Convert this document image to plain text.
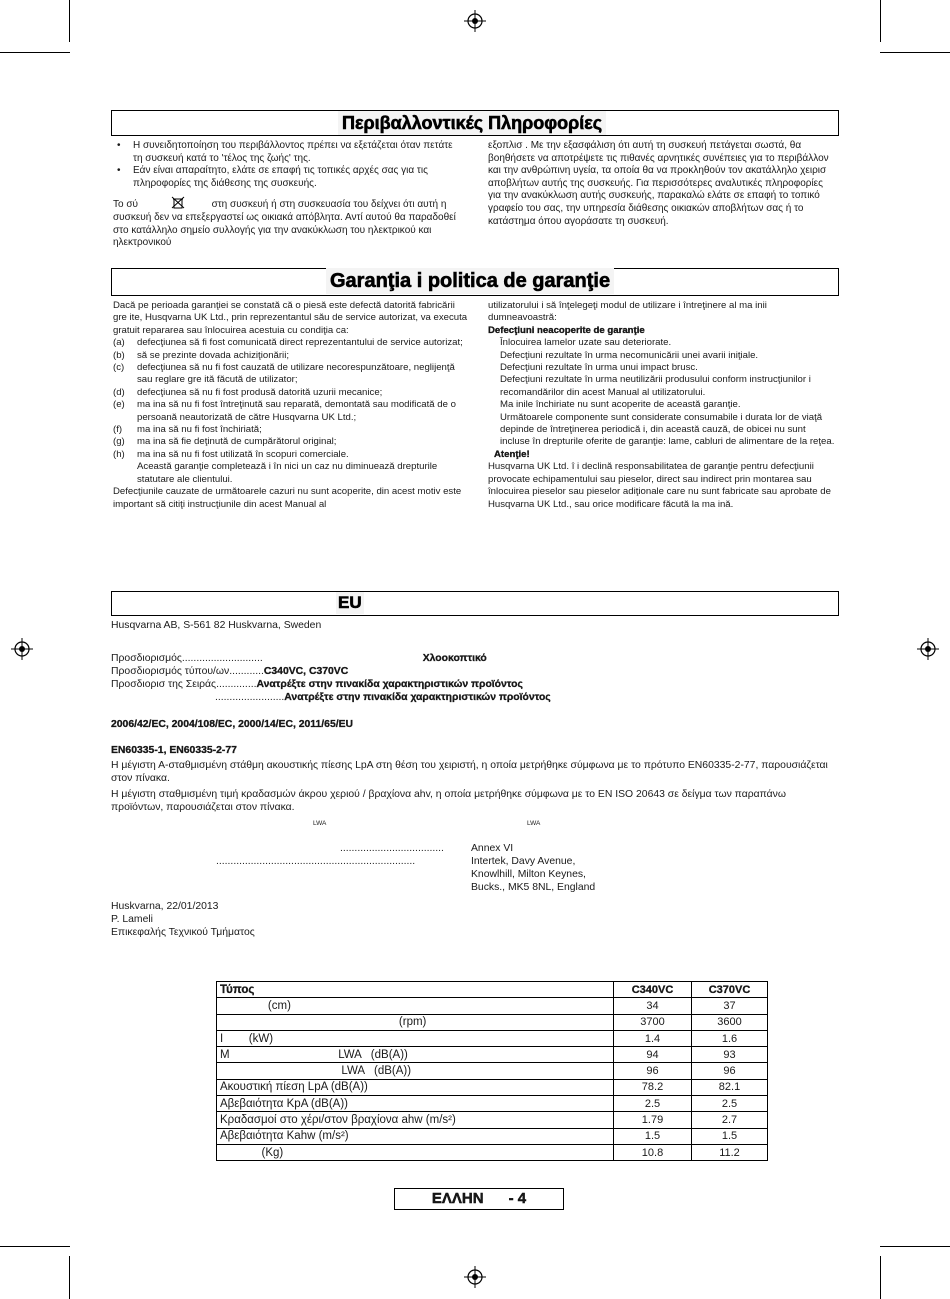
Περιβαλλοντικές Πληροφορίες
• Η συνειδητοποίηση του περιβάλλοντος πρέπει να εξετάζεται όταν πετάτε τη συσκευή κατά το 'τέλος της ζωής' της.
• Εάν είναι απαραίτητο, ελάτε σε επαφή τις τοπικές αρχές σας για τις πληροφορίες της διάθεσης της συσκευής.
Το σύ	στη συσκευή ή στη συσκευασία του δείχνει ότι αυτή η συσκευή δεν να επεξεργαστεί ως οικιακά απόβλητα. Αντί αυτού θα παραδοθεί στο κατάλληλο σημείο συλλογής για την ανακύκλωση του ηλεκτρικού και ηλεκτρονικού
εξοπλισ . Με την εξασφάλιση ότι αυτή τη συσκευή πετάγεται σωστά, θα βοηθήσετε να αποτρέψετε τις πιθανές αρνητικές συνέπειες για το περιβάλλον και την ανθρώπινη υγεία, τα οποία θα να προκληθούν τον ακατάλληλο χειρισ αποβλήτων αυτής της συσκευής. Για περισσότερες αναλυτικές πληροφορίες για την ανακύκλωση αυτής συσκευής, παρακαλώ ελάτε σε επαφή το τοπικό γραφείο του σας, την υπηρεσία διάθεσης οικιακών αποβλήτων σας ή το κατάστημα όπου αγοράσατε τη συσκευή.
Garanţia i politica de garanţie
Dacă pe perioada garanţiei se constată că o piesă este defectă datorită fabricării gre ite, Husqvarna UK Ltd., prin reprezentantul său de service autorizat, va executa gratuit repararea sau înlocuirea acestuia cu condiţia ca:
(a) defecţiunea să fi fost comunicată direct reprezentantului de service autorizat;
(b) să se prezinte dovada achiziţionării;
(c) defecţiunea să nu fi fost cauzată de utilizare necorespunzătoare, neglijenţă sau reglare gre ită făcută de utilizator;
(d) defecţiunea să nu fi fost produsă datorită uzurii mecanice;
(e) ma ina să nu fi fost întreţinută sau reparată, demontată sau modificată de o persoană neautorizată de către Husqvarna UK Ltd.;
(f) ma ina să nu fi fost închiriată;
(g) ma ina să fie deţinută de cumpărătorul original;
(h) ma ina să nu fi fost utilizată în scopuri comerciale.
Această garanţie completează i în nici un caz nu diminuează drepturile statutare ale clientului.
Defecţiunile cauzate de următoarele cazuri nu sunt acoperite, din acest motiv este important să citiţi instrucţiunile din acest Manual al
utilizatorului i să înţelegeţi modul de utilizare i întreţinere al ma inii dumneavoastră:
Defecţiuni neacoperite de garanţie
Înlocuirea lamelor uzate sau deteriorate.
Defecţiuni rezultate în urma necomunicării unei avarii iniţiale.
Defecţiuni rezultate în urma unui impact brusc.
Defecţiuni rezultate în urma neutilizării produsului conform instrucţiunilor i recomandărilor din acest Manual al utilizatorului.
Ma inile închiriate nu sunt acoperite de această garanţie.
Următoarele componente sunt considerate consumabile i durata lor de viaţă depinde de întreţinerea periodică i, din această cauză, de obicei nu sunt incluse în drepturile oferite de garanţie: lame, cabluri de alimentare de la reţea.
Atenţie!
Husqvarna UK Ltd. î i declină responsabilitatea de garanţie pentru defecţiunii provocate echipamentului sau pieselor, direct sau indirect prin montarea sau înlocuirea pieselor sau pieselor adiţionale care nu sunt fabricate sau aprobate de Husqvarna UK Ltd., sau orice modificare făcută la ma ină.
EU
Husqvarna AB, S-561 82 Huskvarna, Sweden
Προσδιορισμός............................	Χλοοκοπτικό
Προσδιορισμός τύπου/ων............C340VC, C370VC
Προσδιορισ της Σειράς..............Ανατρέξτε στην πινακίδα χαρακτηριστικών προϊόντος
........................Ανατρέξτε στην πινακίδα χαρακτηριστικών προϊόντος
2006/42/EC, 2004/108/EC, 2000/14/EC, 2011/65/EU
EN60335-1, EN60335-2-77
Η μέγιστη Α-σταθμισμένη στάθμη ακουστικής πίεσης LpA στη θέση του χειριστή, η οποία μετρήθηκε σύμφωνα με το πρότυπο EN60335-2-77, παρουσιάζεται στον πίνακα.
Η μέγιστη σταθμισμένη τιμή κραδασμών άκρου χεριού / βραχίονα ahv, η οποία μετρήθηκε σύμφωνα με το EN ISO 20643 σε δείγμα των παραπάνω προϊόντων, παρουσιάζεται στον πίνακα.
LWA	LWA
....................................	Annex VI
.....................................................................	Intertek, Davy Avenue,
Knowlhill, Milton Keynes,
Bucks., MK5 8NL, England
Huskvarna, 22/01/2013
P. Lameli
Επικεφαλής Τεχνικού Τμήματος
Τύπος	C340VC	C370VC
(cm)	34	37
(rpm)	3700	3600
I        (kW)	1.4	1.6
M                                  LWA   (dB(A))	94	93
LWA   (dB(A))	96	96
Ακουστική πίεση LpA (dB(A))	78.2	82.1
Αβεβαιότητα KpA (dB(A))	2.5	2.5
Κραδασμοί στο χέρι/στον βραχίονα ahw (m/s²)	1.79	2.7
Αβεβαιότητα Kahw (m/s²)	1.5	1.5
(Kg)	10.8	11.2
ΕΛΛΗΝ      - 4
